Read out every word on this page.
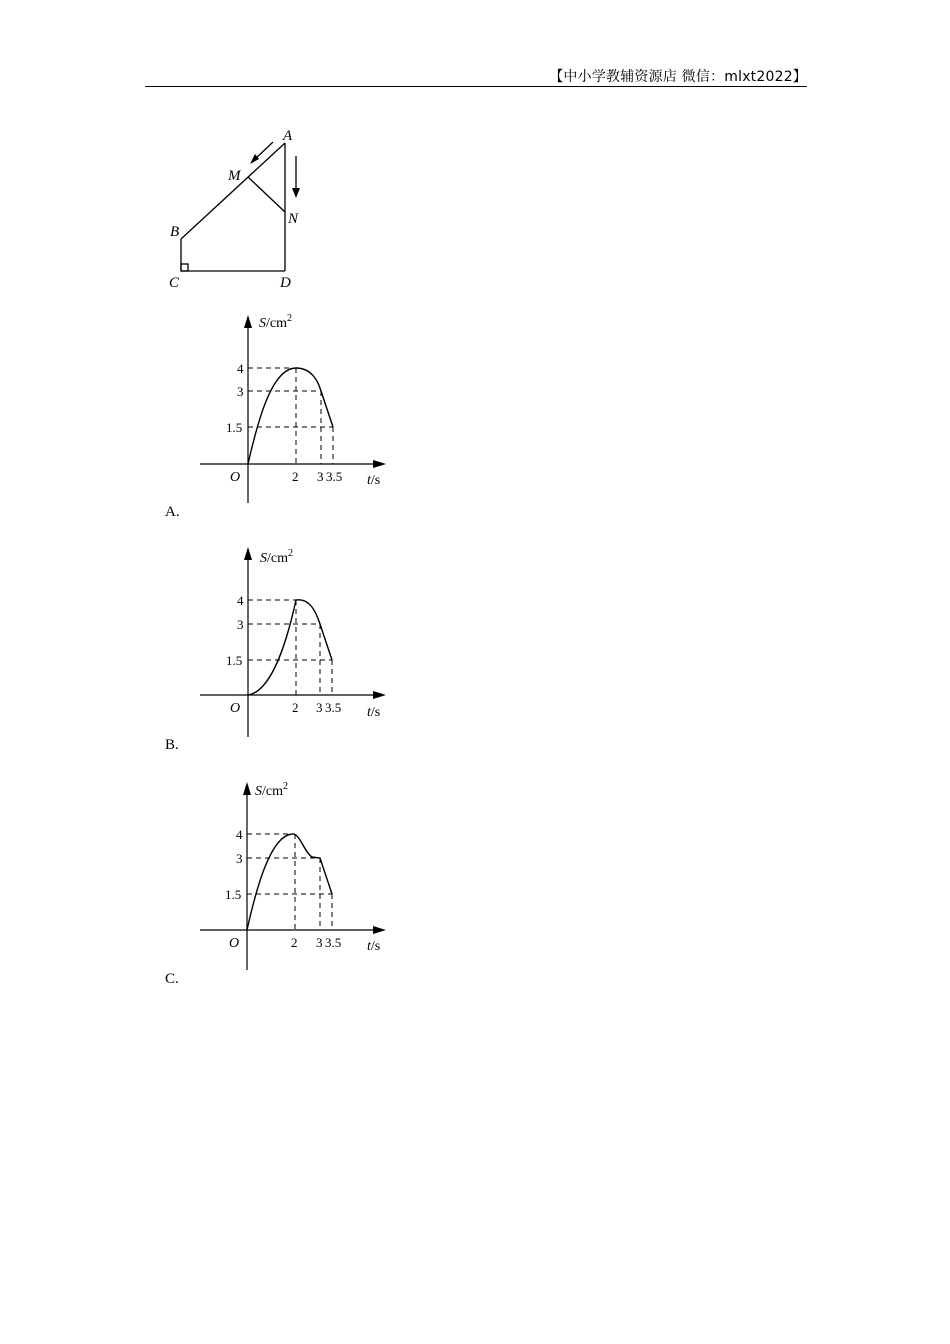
【中小学教辅资源店 微信：mlxt2022】
A
M
N
B
C	D
$S/cm^2$
t/s
O
4
3
1.5
2 3 3.5
A.
$S/cm^2$
t/s
O
4
3
1.5
2 3 3.5
B.
$S/cm^2$
t/s
O
4
3
1.5
2 3 3.5
C.
